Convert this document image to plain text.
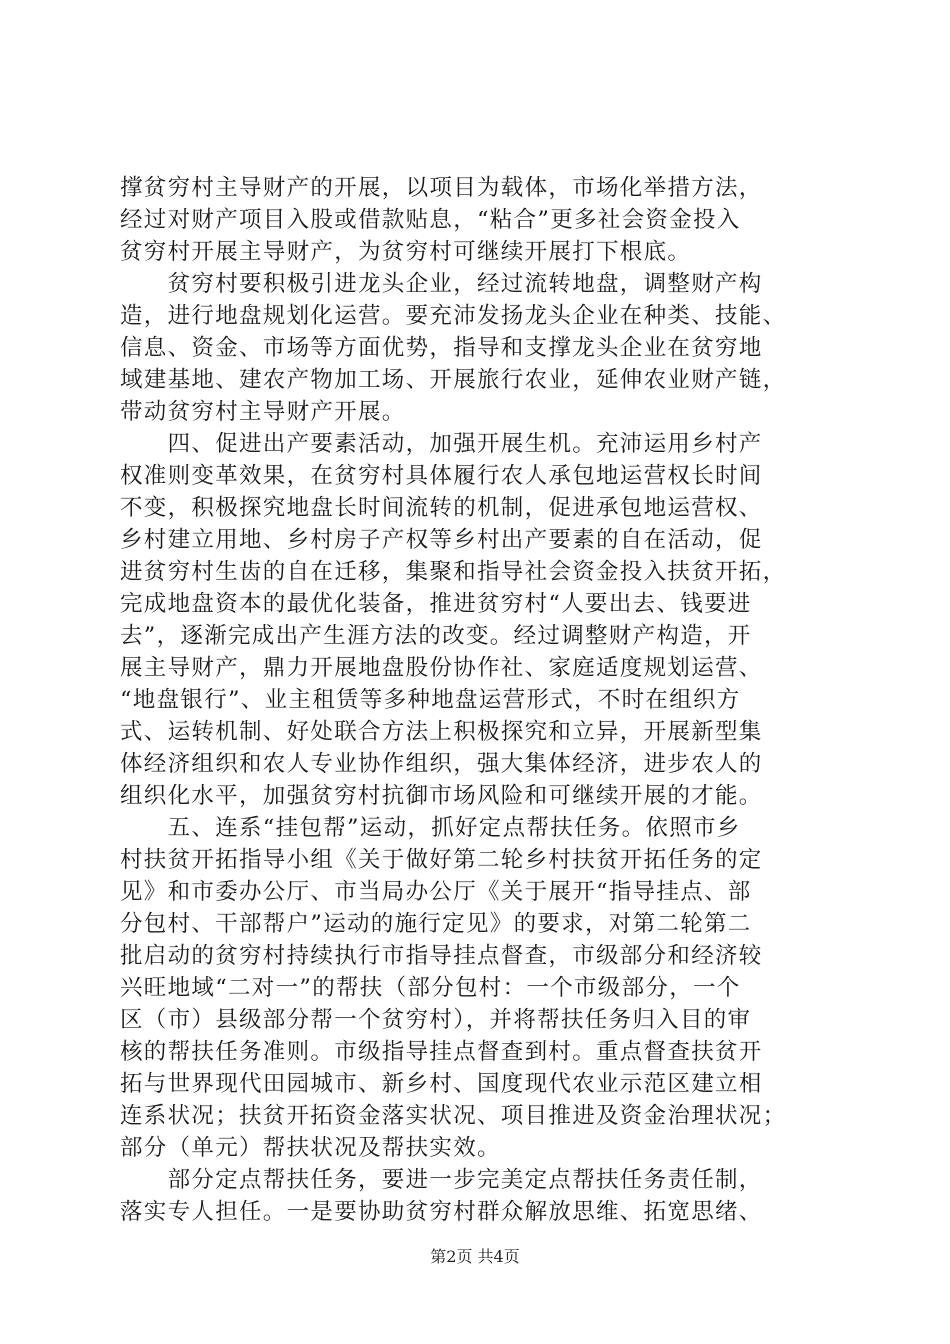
撑贫穷村主导财产的开展，以项目为载体，市场化举措方法，
经过对财产项目入股或借款贴息，“粘合”更多社会资金投入
贫穷村开展主导财产，为贫穷村可继续开展打下根底。

　　贫穷村要积极引进龙头企业，经过流转地盘，调整财产构
造，进行地盘规划化运营。要充沛发扬龙头企业在种类、技能、
信息、资金、市场等方面优势，指导和支撑龙头企业在贫穷地
域建基地、建农产物加工场、开展旅行农业，延伸农业财产链，
带动贫穷村主导财产开展。

　　四、促进出产要素活动，加强开展生机。充沛运用乡村产
权准则变革效果，在贫穷村具体履行农人承包地运营权长时间
不变，积极探究地盘长时间流转的机制，促进承包地运营权、
乡村建立用地、乡村房子产权等乡村出产要素的自在活动，促
进贫穷村生齿的自在迁移，集聚和指导社会资金投入扶贫开拓，
完成地盘资本的最优化装备，推进贫穷村“人要出去、钱要进
去”，逐渐完成出产生涯方法的改变。经过调整财产构造，开
展主导财产，鼎力开展地盘股份协作社、家庭适度规划运营、
“地盘银行”、业主租赁等多种地盘运营形式，不时在组织方
式、运转机制、好处联合方法上积极探究和立异，开展新型集
体经济组织和农人专业协作组织，强大集体经济，进步农人的
组织化水平，加强贫穷村抗御市场风险和可继续开展的才能。

　　五、连系“挂包帮”运动，抓好定点帮扶任务。依照市乡
村扶贫开拓指导小组《关于做好第二轮乡村扶贫开拓任务的定
见》和市委办公厅、市当局办公厅《关于展开“指导挂点、部
分包村、干部帮户”运动的施行定见》的要求，对第二轮第二
批启动的贫穷村持续执行市指导挂点督查，市级部分和经济较
兴旺地域“二对一”的帮扶（部分包村：一个市级部分，一个
区（市）县级部分帮一个贫穷村），并将帮扶任务归入目的审
核的帮扶任务准则。市级指导挂点督查到村。重点督查扶贫开
拓与世界现代田园城市、新乡村、国度现代农业示范区建立相
连系状况；扶贫开拓资金落实状况、项目推进及资金治理状况；
部分（单元）帮扶状况及帮扶实效。

　　部分定点帮扶任务，要进一步完美定点帮扶任务责任制，
落实专人担任。一是要协助贫穷村群众解放思维、拓宽思绪、

第2页 共4页
